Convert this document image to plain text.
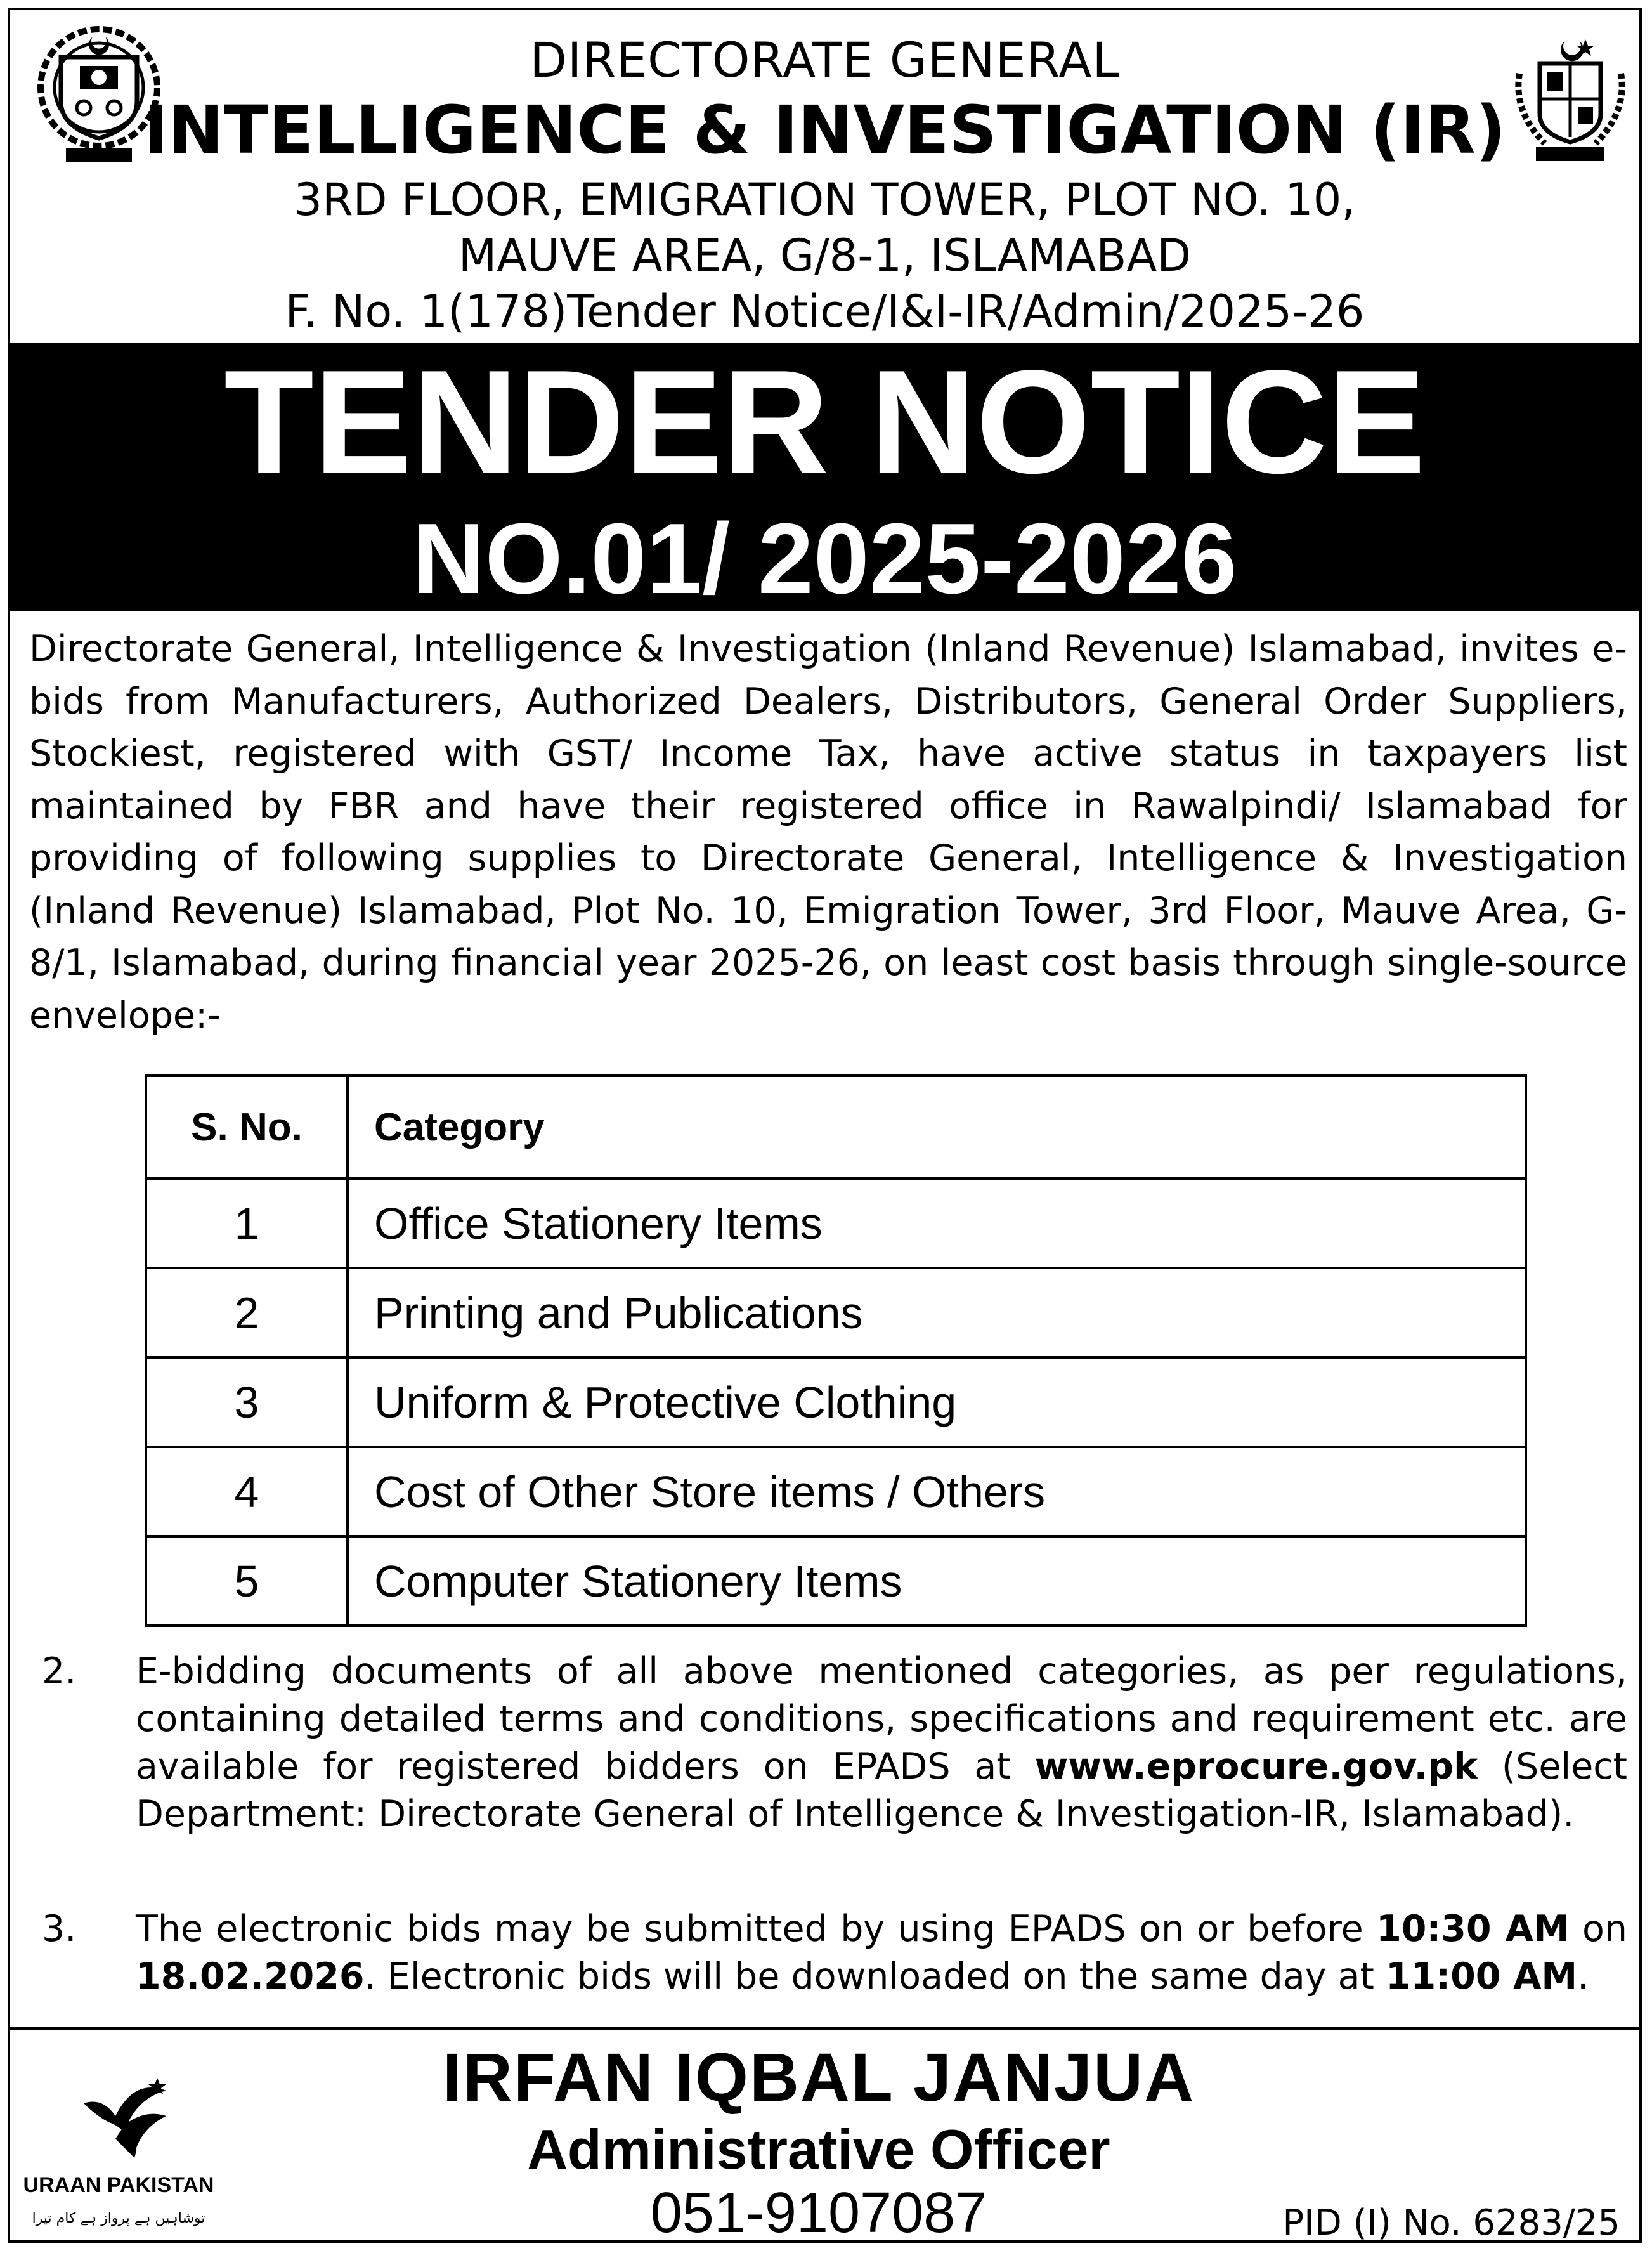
DIRECTORATE GENERAL
INTELLIGENCE & INVESTIGATION (IR)
3RD FLOOR, EMIGRATION TOWER, PLOT NO. 10,
MAUVE AREA, G/8-1, ISLAMABAD
F. No. 1(178)Tender Notice/I&I-IR/Admin/2025-26
TENDER NOTICE
NO.01/ 2025-2026
Directorate General, Intelligence & Investigation (Inland Revenue) Islamabad, invites e-bids from Manufacturers, Authorized Dealers, Distributors, General Order Suppliers, Stockiest, registered with GST/ Income Tax, have active status in taxpayers list maintained by FBR and have their registered office in Rawalpindi/ Islamabad for providing of following supplies to Directorate General, Intelligence & Investigation (Inland Revenue) Islamabad, Plot No. 10, Emigration Tower, 3rd Floor, Mauve Area, G-8/1, Islamabad, during financial year 2025-26, on least cost basis through single-source envelope:-
S. No.	Category
1	Office Stationery Items
2	Printing and Publications
3	Uniform & Protective Clothing
4	Cost of Other Store items / Others
5	Computer Stationery Items
2. E-bidding documents of all above mentioned categories, as per regulations, containing detailed terms and conditions, specifications and requirement etc. are available for registered bidders on EPADS at www.eprocure.gov.pk (Select Department: Directorate General of Intelligence & Investigation-IR, Islamabad).
3. The electronic bids may be submitted by using EPADS on or before 10:30 AM on 18.02.2026. Electronic bids will be downloaded on the same day at 11:00 AM.
URAAN PAKISTAN
توشاہیں ہے پرواز ہے کام تیرا
IRFAN IQBAL JANJUA
Administrative Officer
051-9107087	PID (I) No. 6283/25
